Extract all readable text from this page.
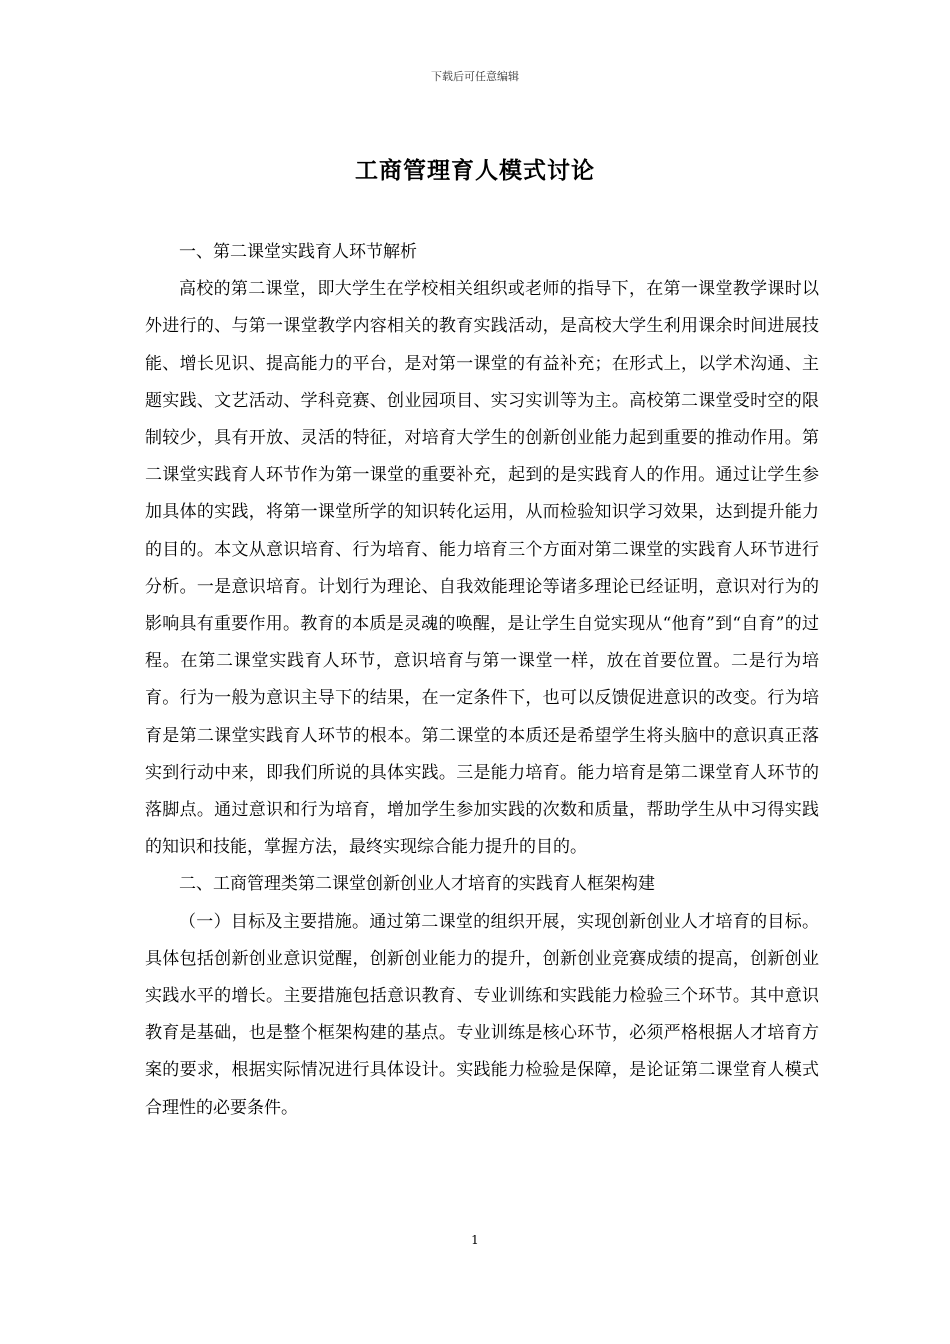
下载后可任意编辑
工商管理育人模式讨论

一、第二课堂实践育人环节解析

高校的第二课堂，即大学生在学校相关组织或老师的指导下，在第一课堂教学课时以外进行的、与第一课堂教学内容相关的教育实践活动，是高校大学生利用课余时间进展技能、增长见识、提高能力的平台，是对第一课堂的有益补充；在形式上，以学术沟通、主题实践、文艺活动、学科竞赛、创业园项目、实习实训等为主。高校第二课堂受时空的限制较少，具有开放、灵活的特征，对培育大学生的创新创业能力起到重要的推动作用。第二课堂实践育人环节作为第一课堂的重要补充，起到的是实践育人的作用。通过让学生参加具体的实践，将第一课堂所学的知识转化运用，从而检验知识学习效果，达到提升能力的目的。本文从意识培育、行为培育、能力培育三个方面对第二课堂的实践育人环节进行分析。一是意识培育。计划行为理论、自我效能理论等诸多理论已经证明，意识对行为的影响具有重要作用。教育的本质是灵魂的唤醒，是让学生自觉实现从“他育”到“自育”的过程。在第二课堂实践育人环节，意识培育与第一课堂一样，放在首要位置。二是行为培育。行为一般为意识主导下的结果，在一定条件下，也可以反馈促进意识的改变。行为培育是第二课堂实践育人环节的根本。第二课堂的本质还是希望学生将头脑中的意识真正落实到行动中来，即我们所说的具体实践。三是能力培育。能力培育是第二课堂育人环节的落脚点。通过意识和行为培育，增加学生参加实践的次数和质量，帮助学生从中习得实践的知识和技能，掌握方法，最终实现综合能力提升的目的。

二、工商管理类第二课堂创新创业人才培育的实践育人框架构建

（一）目标及主要措施。通过第二课堂的组织开展，实现创新创业人才培育的目标。具体包括创新创业意识觉醒，创新创业能力的提升，创新创业竞赛成绩的提高，创新创业实践水平的增长。主要措施包括意识教育、专业训练和实践能力检验三个环节。其中意识教育是基础，也是整个框架构建的基点。专业训练是核心环节，必须严格根据人才培育方案的要求，根据实际情况进行具体设计。实践能力检验是保障，是论证第二课堂育人模式合理性的必要条件。

1
